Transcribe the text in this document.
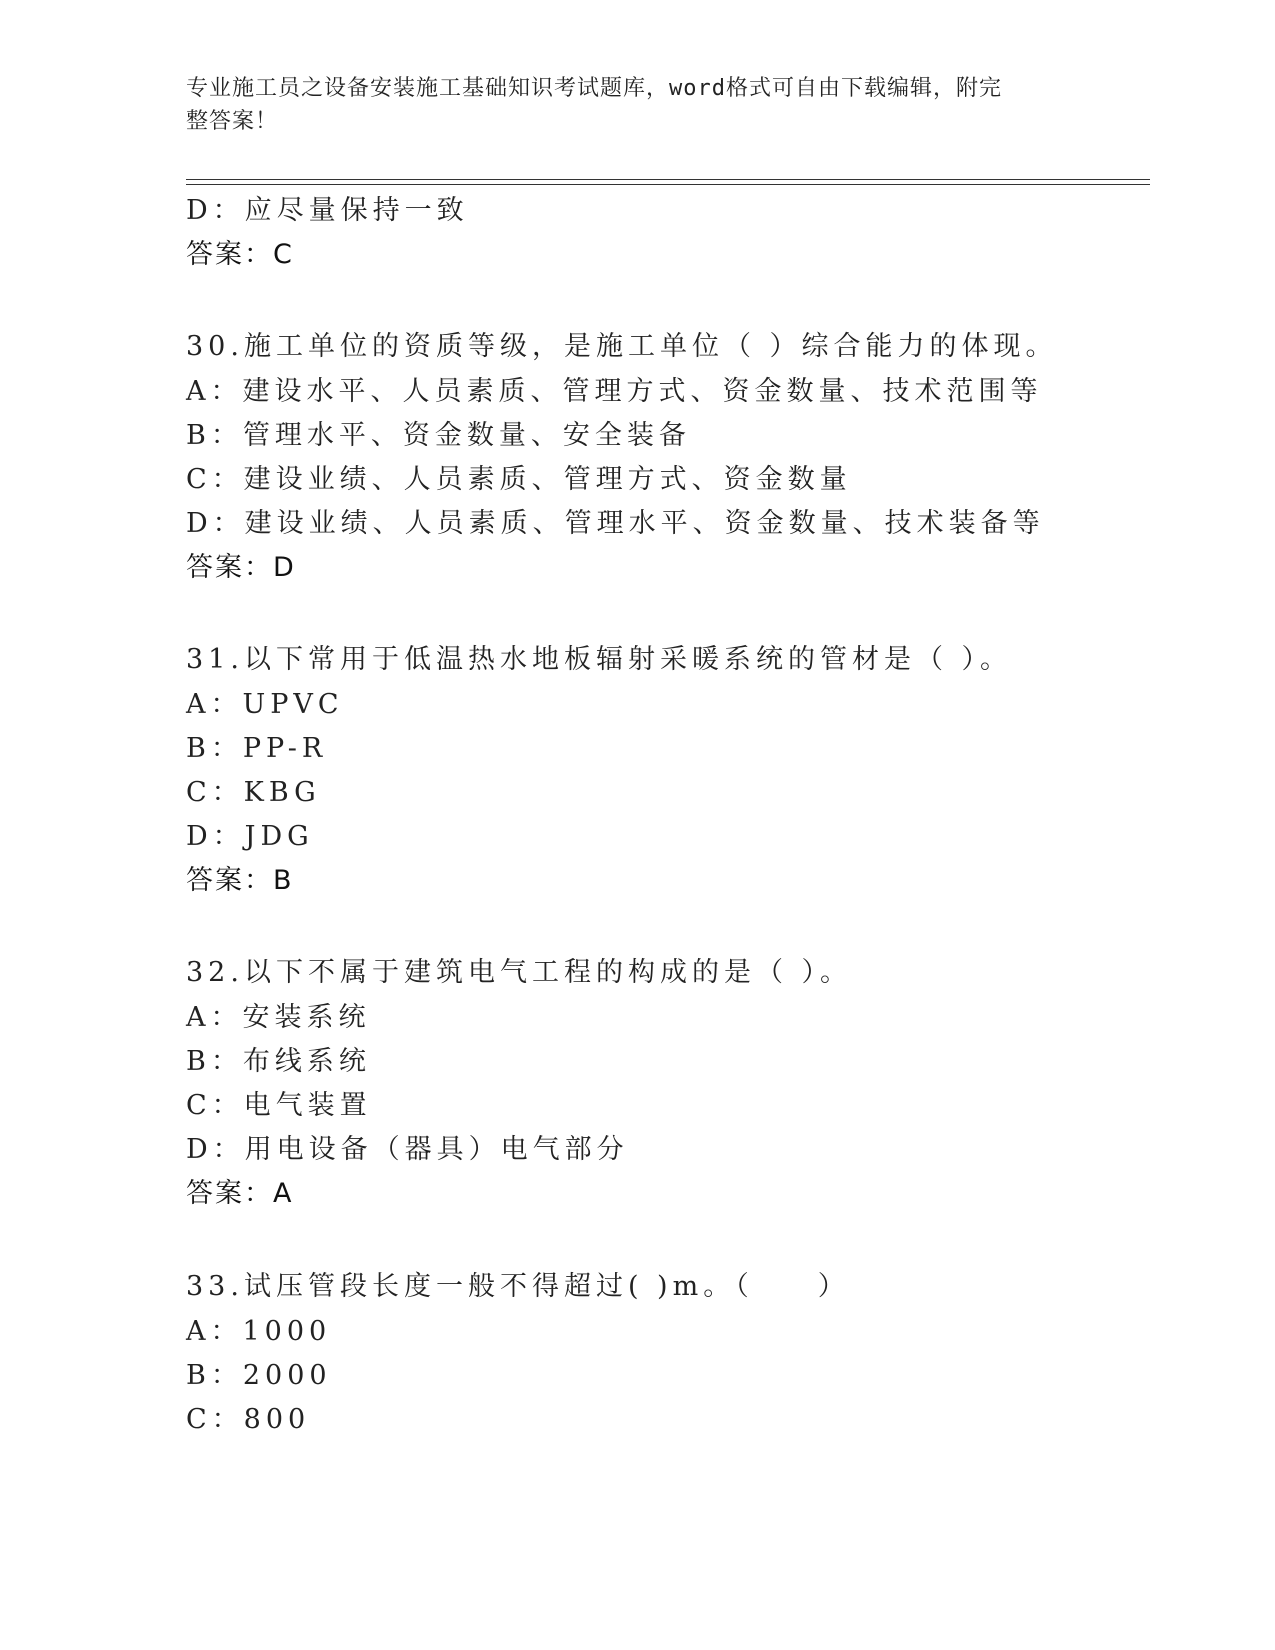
专业施工员之设备安装施工基础知识考试题库，word格式可自由下载编辑，附完
整答案！
D：应尽量保持一致
答案：C
30.施工单位的资质等级，是施工单位（ ）综合能力的体现。
A：建设水平、人员素质、管理方式、资金数量、技术范围等
B：管理水平、资金数量、安全装备
C：建设业绩、人员素质、管理方式、资金数量
D：建设业绩、人员素质、管理水平、资金数量、技术装备等
答案：D
31.以下常用于低温热水地板辐射采暖系统的管材是（ ）。
A：UPVC
B：PP-R
C：KBG
D：JDG
答案：B
32.以下不属于建筑电气工程的构成的是（ ）。
A：安装系统
B：布线系统
C：电气装置
D：用电设备（器具）电气部分
答案：A
33.试压管段长度一般不得超过( )m。（　　）
A：1000
B：2000
C：800
